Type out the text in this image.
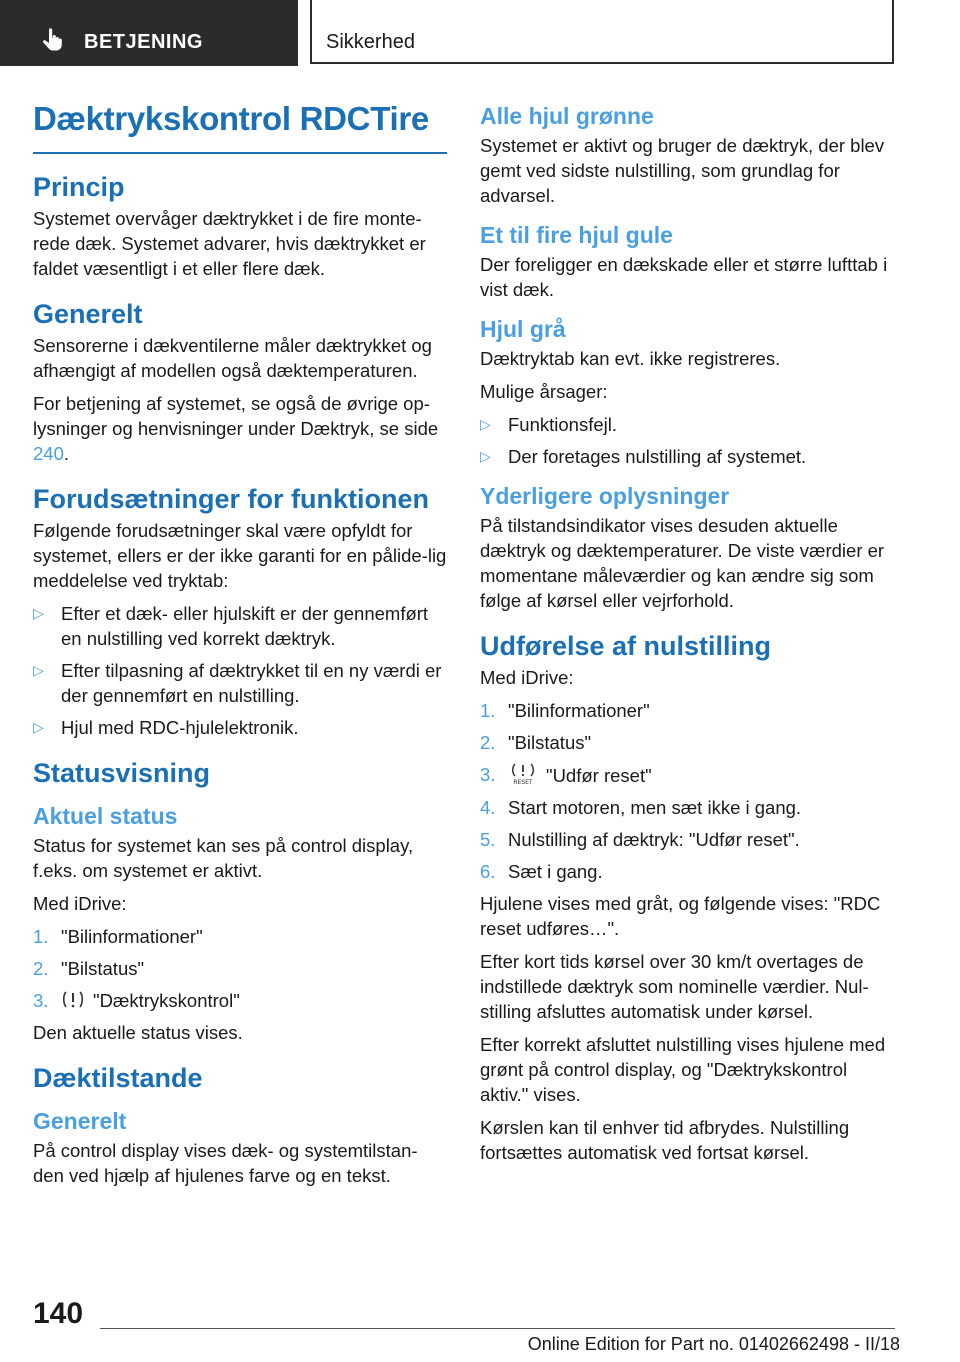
BETJENING	Sikkerhed
Dæktrykskontrol RDCTire
Princip

Systemet overvåger dæktrykket i de fire monte-rede dæk. Systemet advarer, hvis dæktrykket er faldet væsentligt i et eller flere dæk.

Generelt

Sensorerne i dækventilerne måler dæktrykket og afhængigt af modellen også dæktemperaturen.

For betjening af systemet, se også de øvrige op-lysninger og henvisninger under Dæktryk, se side 240.

Forudsætninger for funktionen

Følgende forudsætninger skal være opfyldt for systemet, ellers er der ikke garanti for en pålide-lig meddelelse ved tryktab:

▷ Efter et dæk- eller hjulskift er der gennemført en nulstilling ved korrekt dæktryk.
▷ Efter tilpasning af dæktrykket til en ny værdi er der gennemført en nulstilling.
▷ Hjul med RDC-hjulelektronik.
Statusvisning
Aktuel status

Status for systemet kan ses på control display, f.eks. om systemet er aktivt.

Med iDrive:

1. "Bilinformationer"
2. "Bilstatus"
3. "Dæktrykskontrol"

Den aktuelle status vises.

Dæktilstande
Generelt

På control display vises dæk- og systemtilstan-den ved hjælp af hjulenes farve og en tekst.

Alle hjul grønne

Systemet er aktivt og bruger de dæktryk, der blev gemt ved sidste nulstilling, som grundlag for advarsel.

Et til fire hjul gule

Der foreligger en dækskade eller et større lufttab i vist dæk.

Hjul grå

Dæktryktab kan evt. ikke registreres.

Mulige årsager:

▷ Funktionsfejl.
▷ Der foretages nulstilling af systemet.
Yderligere oplysninger

På tilstandsindikator vises desuden aktuelle dæktryk og dæktemperaturer. De viste værdier er momentane måleværdier og kan ændre sig som følge af kørsel eller vejrforhold.

Udførelse af nulstilling

Med iDrive:

1. "Bilinformationer"
2. "Bilstatus"
3.	RESET "Udfør reset"
4. Start motoren, men sæt ikke i gang.
5. Nulstilling af dæktryk: "Udfør reset".
6. Sæt i gang.

Hjulene vises med gråt, og følgende vises: "RDC reset udføres…".

Efter kort tids kørsel over 30 km/t overtages de indstillede dæktryk som nominelle værdier. Nul-stilling afsluttes automatisk under kørsel.

Efter korrekt afsluttet nulstilling vises hjulene med grønt på control display, og "Dæktrykskontrol aktiv." vises.

Kørslen kan til enhver tid afbrydes. Nulstilling fortsættes automatisk ved fortsat kørsel.

140
Online Edition for Part no. 01402662498 - II/18
